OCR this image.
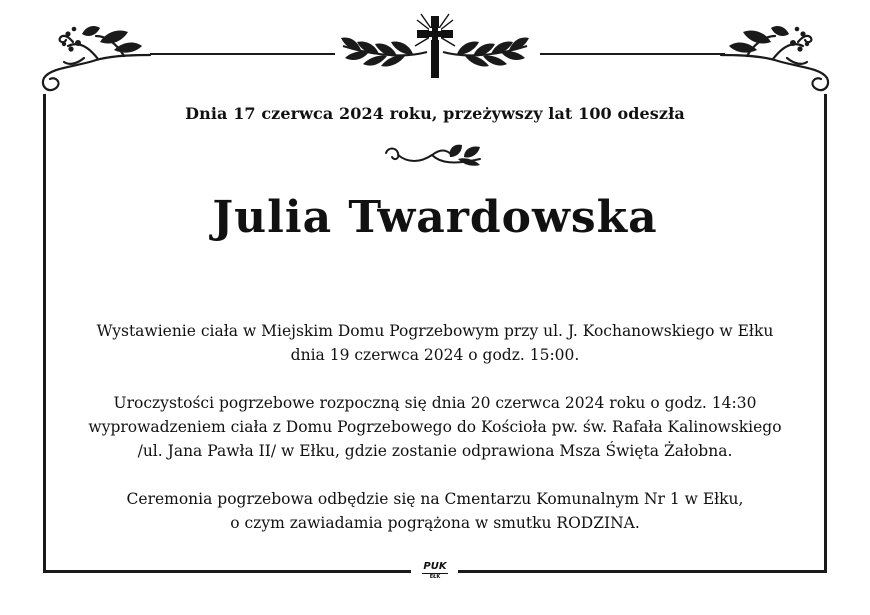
Dnia 17 czerwca 2024 roku, przeżywszy lat 100 odeszła
Julia Twardowska
Wystawienie ciała w Miejskim Domu Pogrzebowym przy ul. J. Kochanowskiego w Ełku
dnia 19 czerwca 2024 o godz. 15:00.
Uroczystości pogrzebowe rozpoczną się dnia 20 czerwca 2024 roku o godz. 14:30
wyprowadzeniem ciała z Domu Pogrzebowego do Kościoła pw. św. Rafała Kalinowskiego
/ul. Jana Pawła II/ w Ełku, gdzie zostanie odprawiona Msza Święta Żałobna.
Ceremonia pogrzebowa odbędzie się na Cmentarzu Komunalnym Nr 1 w Ełku,
o czym zawiadamia pogrążona w smutku RODZINA.
PUK
EŁK
